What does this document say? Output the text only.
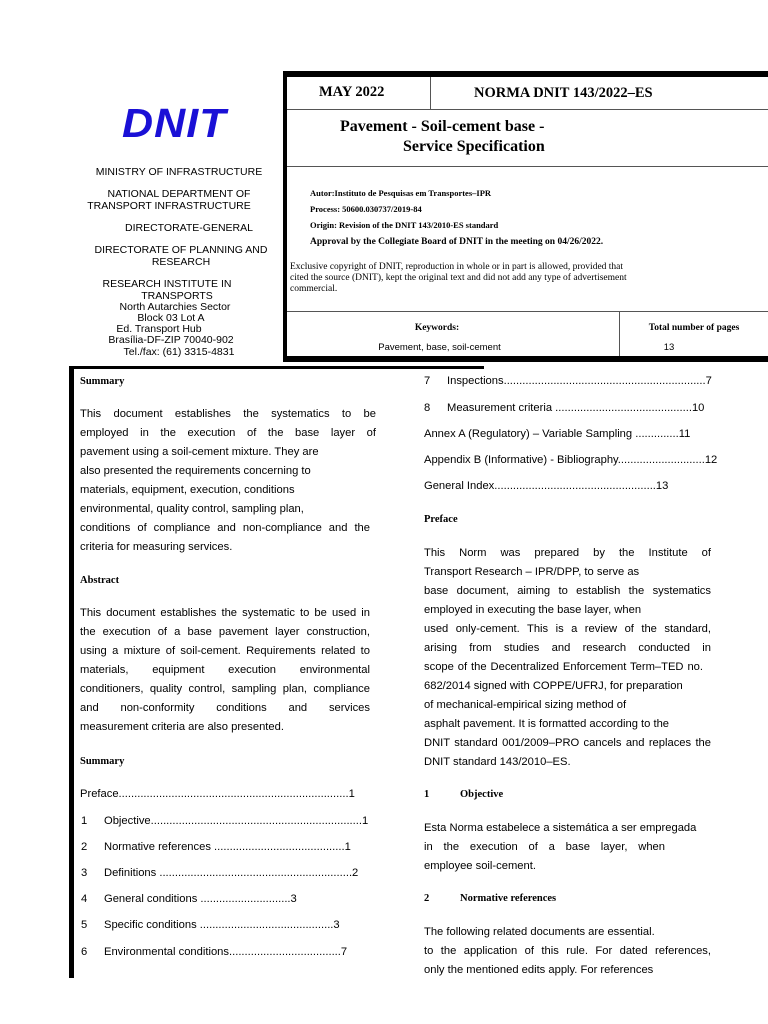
DNIT
MINISTRY OF INFRASTRUCTURE
NATIONAL DEPARTMENT OF
TRANSPORT INFRASTRUCTURE
DIRECTORATE-GENERAL
DIRECTORATE OF PLANNING AND
RESEARCH
RESEARCH INSTITUTE IN
TRANSPORTS
North Autarchies Sector
Block 03 Lot A
Ed. Transport Hub
Brasília-DF-ZIP 70040-902
Tel./fax: (61) 3315-4831
MAY 2022	NORMA DNIT 143/2022–ES
Pavement - Soil-cement base -
Service Specification
Autor:Instituto de Pesquisas em Transportes–IPR
Process: 50600.030737/2019-84
Origin: Revision of the DNIT 143/2010-ES standard
Approval by the Collegiate Board of DNIT in the meeting on 04/26/2022.
Exclusive copyright of DNIT, reproduction in whole or in part is allowed, provided that
cited the source (DNIT), kept the original text and did not add any type of advertisement
commercial.
Keywords:
Pavement, base, soil-cement
Total number of pages
13
Summary
This document establishes the systematics to be
employed in the execution of the base layer of
pavement using a soil-cement mixture. They are
also presented the requirements concerning to
materials, equipment, execution, conditions
environmental, quality control, sampling plan,
conditions of compliance and non-compliance and the
criteria for measuring services.
Abstract
This document establishes the systematic to be used in
the execution of a base pavement layer construction,
using a mixture of soil-cement. Requirements related to
materials, equipment execution environmental
conditioners, quality control, sampling plan, compliance
and non-conformity conditions and services
measurement criteria are also presented.
Summary
Preface..........................................................................1
1 Objective....................................................................1
2 Normative references ..........................................1
3 Definitions ..............................................................2
4 General conditions .............................3
5 Specific conditions ...........................................3
6 Environmental conditions....................................7
7 Inspections.................................................................7
8 Measurement criteria ............................................10
Annex A (Regulatory) – Variable Sampling ..............11
Appendix B (Informative) - Bibliography............................12
General Index....................................................13
Preface
This Norm was prepared by the Institute of
Transport Research – IPR/DPP, to serve as
base document, aiming to establish the systematics
employed in executing the base layer, when
used only-cement. This is a review of the standard,
arising from studies and research conducted in
scope of the Decentralized Enforcement Term–TED no.
682/2014 signed with COPPE/UFRJ, for preparation
of mechanical-empirical sizing method of
asphalt pavement. It is formatted according to the
DNIT standard 001/2009–PRO cancels and replaces the
DNIT standard 143/2010–ES.
1	Objective
Esta Norma estabelece a sistemática a ser empregada
in the execution of a base layer, when
employee soil-cement.
2	Normative references
The following related documents are essential.
to the application of this rule. For dated references,
only the mentioned edits apply. For references
